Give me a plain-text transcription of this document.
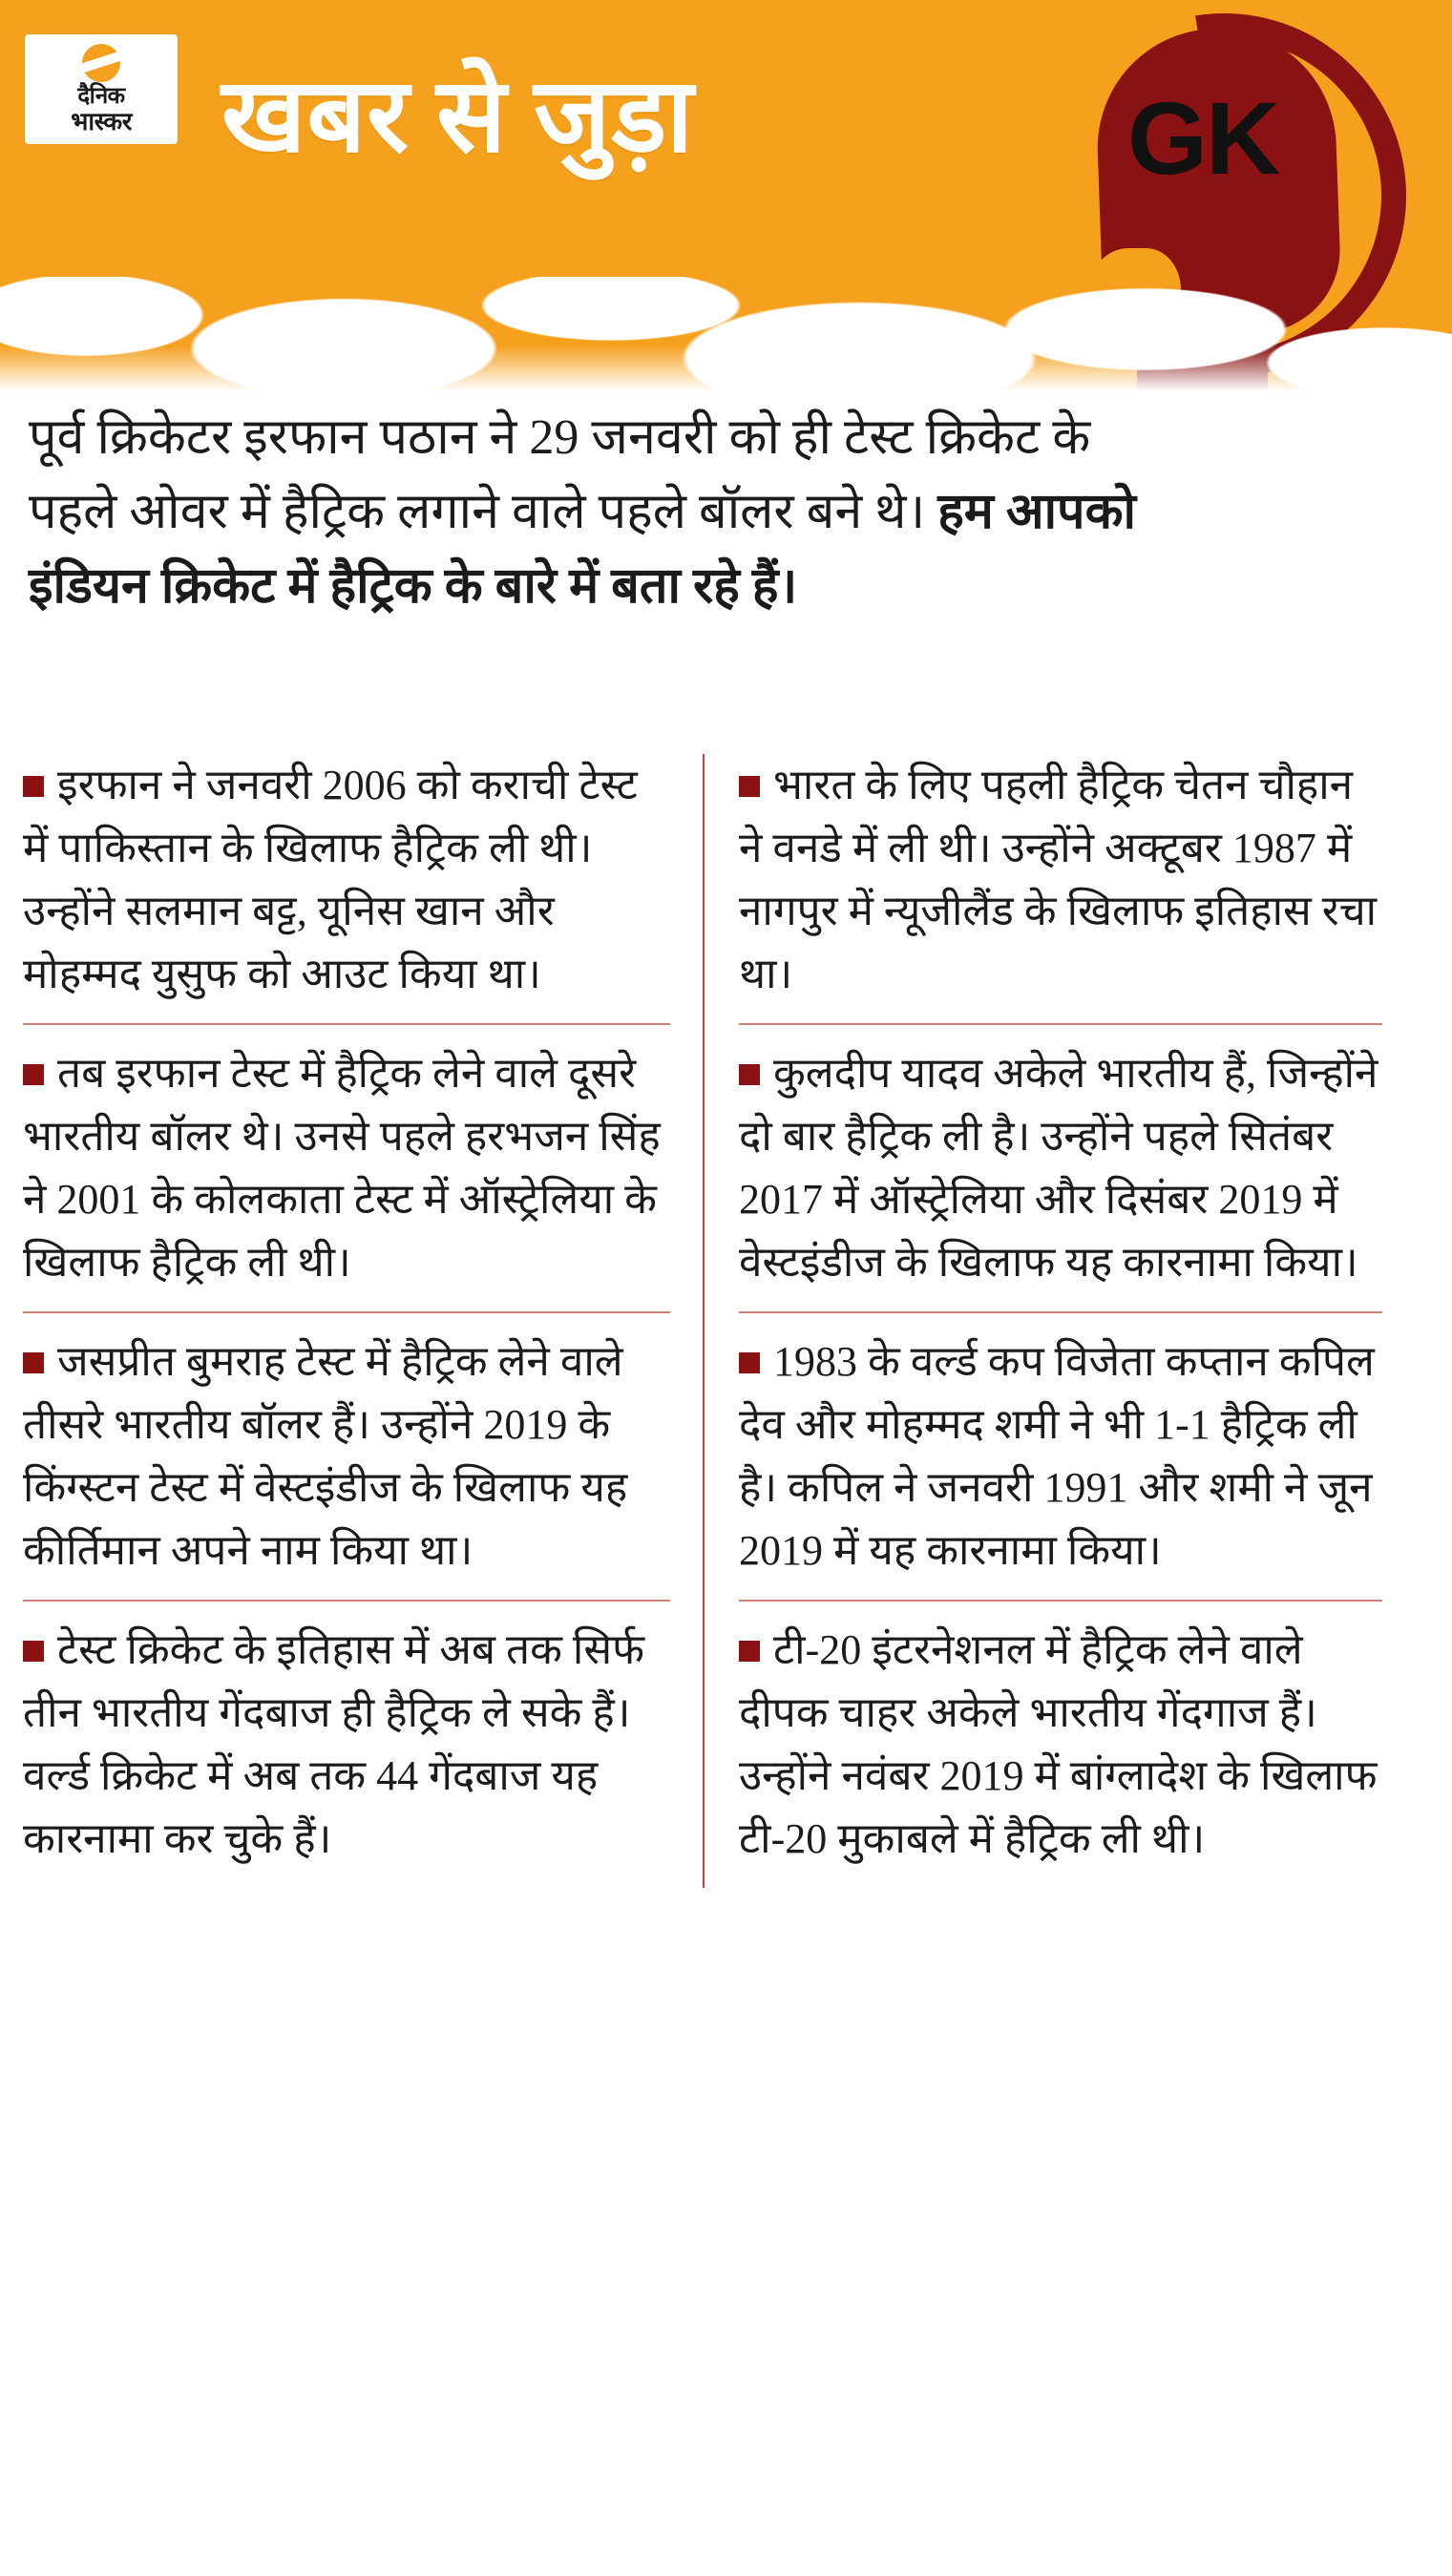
दैनिक
भास्कर खबर से जुड़ा	GK
पूर्व क्रिकेटर इरफान पठान ने 29 जनवरी को ही टेस्ट क्रिकेट के पहले ओवर में हैट्रिक लगाने वाले पहले बॉलर बने थे। हम आपको इंडियन क्रिकेट में हैट्रिक के बारे में बता रहे हैं।
इरफान ने जनवरी 2006 को कराची टेस्ट में पाकिस्तान के खिलाफ हैट्रिक ली थी। उन्होंने सलमान बट्ट, यूनिस खान और मोहम्मद युसुफ को आउट किया था।
तब इरफान टेस्ट में हैट्रिक लेने वाले दूसरे भारतीय बॉलर थे। उनसे पहले हरभजन सिंह ने 2001 के कोलकाता टेस्ट में ऑस्ट्रेलिया के खिलाफ हैट्रिक ली थी।
जसप्रीत बुमराह टेस्ट में हैट्रिक लेने वाले तीसरे भारतीय बॉलर हैं। उन्होंने 2019 के किंग्स्टन टेस्ट में वेस्टइंडीज के खिलाफ यह कीर्तिमान अपने नाम किया था।
टेस्ट क्रिकेट के इतिहास में अब तक सिर्फ तीन भारतीय गेंदबाज ही हैट्रिक ले सके हैं। वर्ल्ड क्रिकेट में अब तक 44 गेंदबाज यह कारनामा कर चुके हैं।
भारत के लिए पहली हैट्रिक चेतन चौहान ने वनडे में ली थी। उन्होंने अक्टूबर 1987 में नागपुर में न्यूजीलैंड के खिलाफ इतिहास रचा था।
कुलदीप यादव अकेले भारतीय हैं, जिन्होंने दो बार हैट्रिक ली है। उन्होंने पहले सितंबर 2017 में ऑस्ट्रेलिया और दिसंबर 2019 में वेस्टइंडीज के खिलाफ यह कारनामा किया।
1983 के वर्ल्ड कप विजेता कप्तान कपिल देव और मोहम्मद शमी ने भी 1-1 हैट्रिक ली है। कपिल ने जनवरी 1991 और शमी ने जून 2019 में यह कारनामा किया।
टी-20 इंटरनेशनल में हैट्रिक लेने वाले दीपक चाहर अकेले भारतीय गेंदगाज हैं। उन्होंने नवंबर 2019 में बांग्लादेश के खिलाफ टी-20 मुकाबले में हैट्रिक ली थी।
